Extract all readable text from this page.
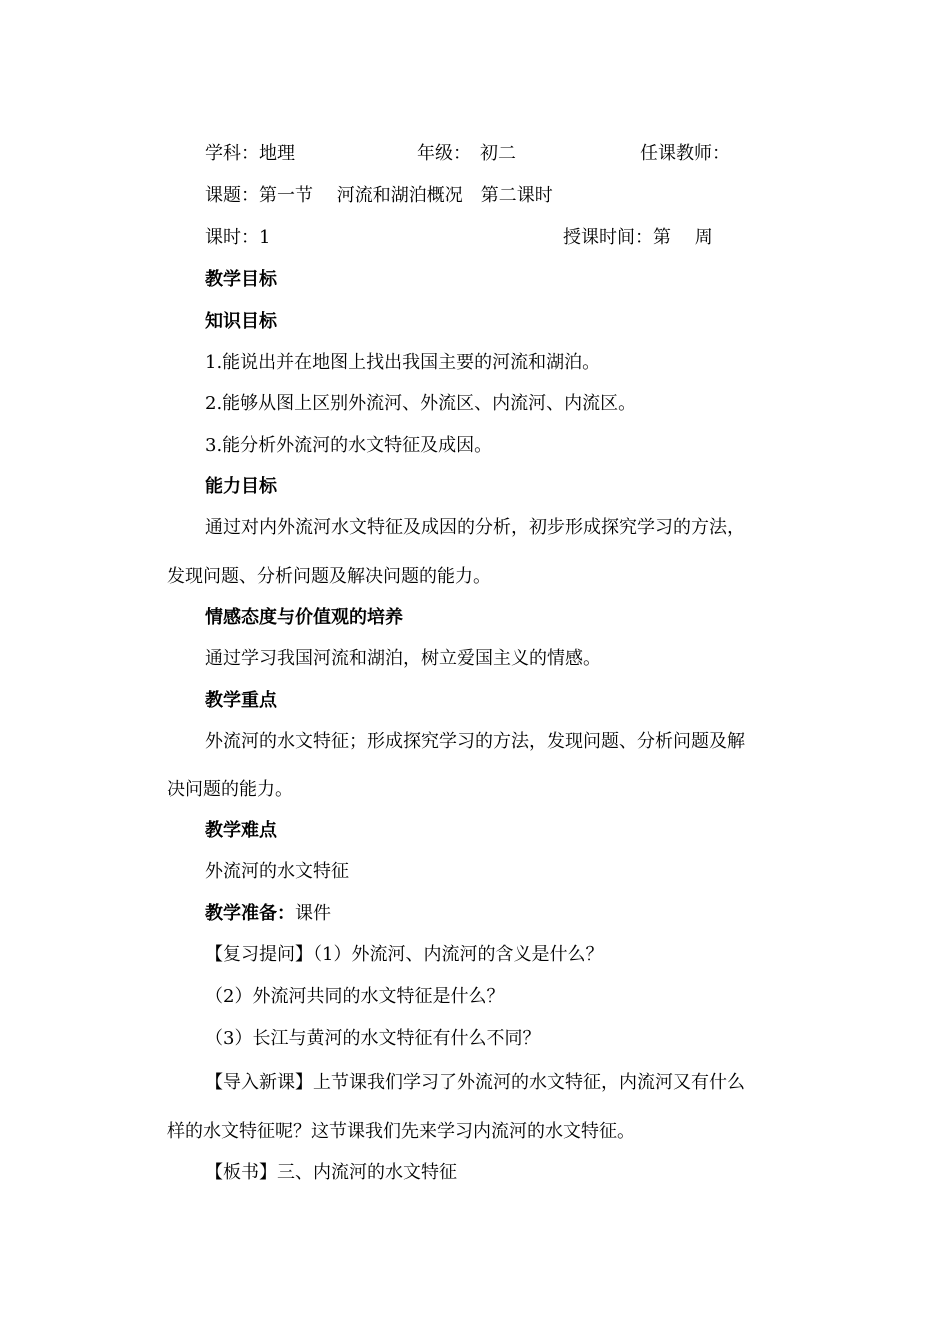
学科：地理	年级：　初二	任课教师：
课题：第一节　 河流和湖泊概况　第二课时
课时：1	授课时间：第　 周
教学目标
知识目标
1.能说出并在地图上找出我国主要的河流和湖泊。
2.能够从图上区别外流河、外流区、内流河、内流区。
3.能分析外流河的水文特征及成因。
能力目标
通过对内外流河水文特征及成因的分析，初步形成探究学习的方法，
发现问题、分析问题及解决问题的能力。
情感态度与价值观的培养
通过学习我国河流和湖泊，树立爱国主义的情感。
教学重点
外流河的水文特征；形成探究学习的方法，发现问题、分析问题及解
决问题的能力。
教学难点
外流河的水文特征
教学准备：课件
【复习提问】（1）外流河、内流河的含义是什么？
（2）外流河共同的水文特征是什么？
（3）长江与黄河的水文特征有什么不同？
【导入新课】上节课我们学习了外流河的水文特征，内流河又有什么
样的水文特征呢？这节课我们先来学习内流河的水文特征。
【板书】三、内流河的水文特征
